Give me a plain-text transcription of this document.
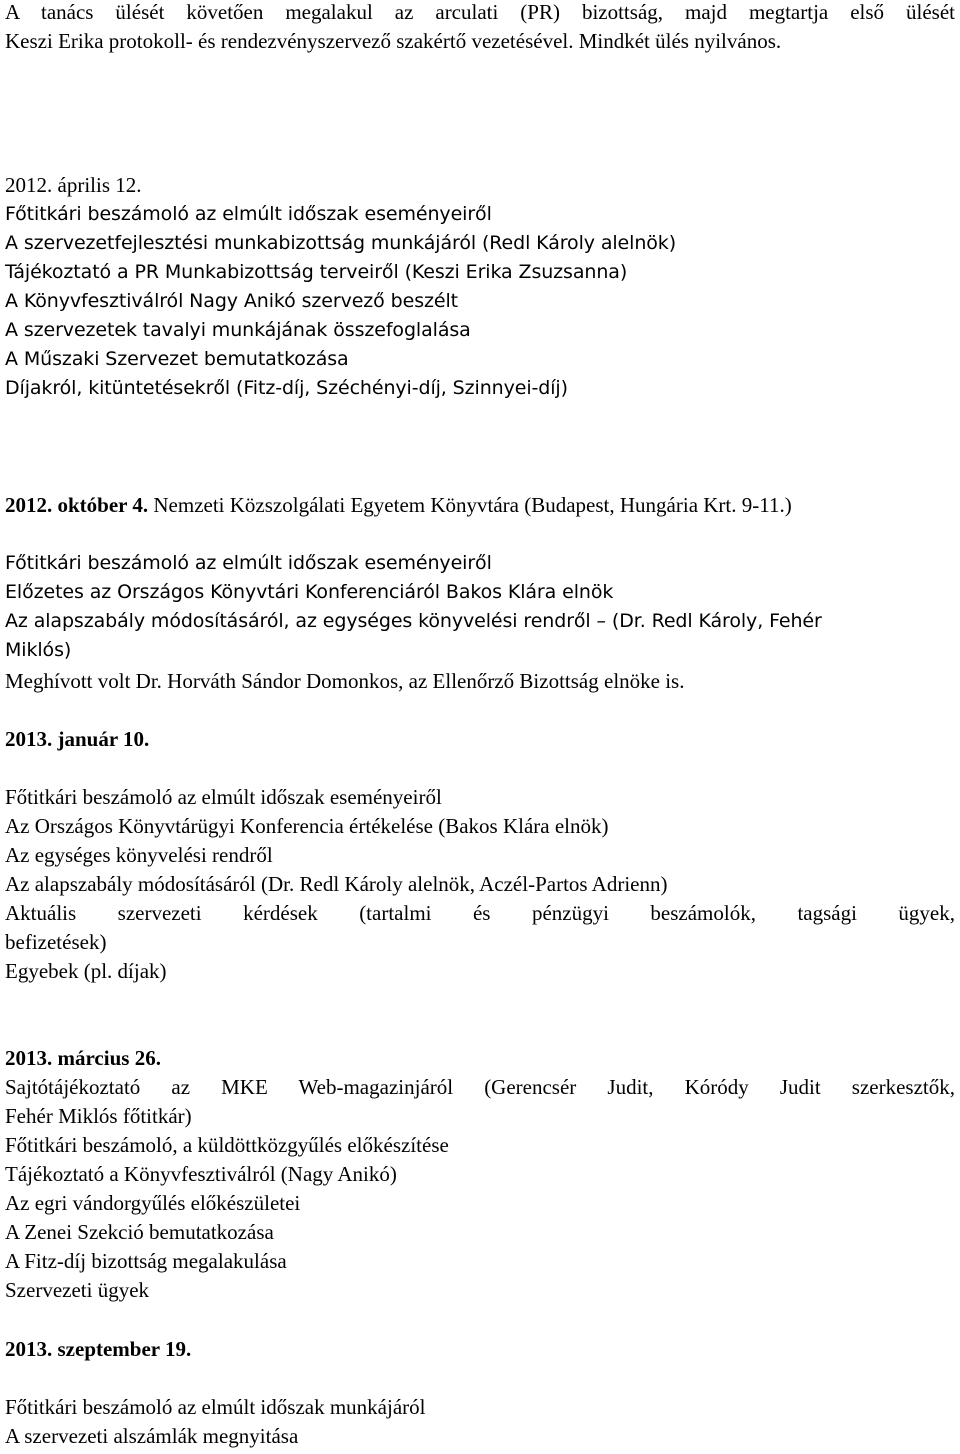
A tanács ülését követően megalakul az arculati (PR) bizottság, majd megtartja első ülését
Keszi Erika protokoll- és rendezvényszervező szakértő vezetésével. Mindkét ülés nyilvános.
2012. április 12.
Főtitkári beszámoló az elmúlt időszak eseményeiről
A szervezetfejlesztési munkabizottság munkájáról (Redl Károly alelnök)
Tájékoztató a PR Munkabizottság terveiről (Keszi Erika Zsuzsanna)
A Könyvfesztiválról Nagy Anikó szervező beszélt
A szervezetek tavalyi munkájának összefoglalása
A Műszaki Szervezet bemutatkozása
Díjakról, kitüntetésekről (Fitz-díj, Széchényi-díj, Szinnyei-díj)
2012. október 4. Nemzeti Közszolgálati Egyetem Könyvtára (Budapest, Hungária Krt. 9-11.)
Főtitkári beszámoló az elmúlt időszak eseményeiről
Előzetes az Országos Könyvtári Konferenciáról Bakos Klára elnök
Az alapszabály módosításáról, az egységes könyvelési rendről – (Dr. Redl Károly, Fehér
Miklós)
Meghívott volt Dr. Horváth Sándor Domonkos, az Ellenőrző Bizottság elnöke is.
2013. január 10.
Főtitkári beszámoló az elmúlt időszak eseményeiről
Az Országos Könyvtárügyi Konferencia értékelése (Bakos Klára elnök)
Az egységes könyvelési rendről
Az alapszabály módosításáról (Dr. Redl Károly alelnök, Aczél-Partos Adrienn)
Aktuális szervezeti kérdések (tartalmi és pénzügyi beszámolók, tagsági ügyek,
befizetések)
Egyebek (pl. díjak)
2013. március 26.
Sajtótájékoztató az MKE Web-magazinjáról (Gerencsér Judit, Kóródy Judit szerkesztők,
Fehér Miklós főtitkár)
Főtitkári beszámoló, a küldöttközgyűlés előkészítése
Tájékoztató a Könyvfesztiválról (Nagy Anikó)
Az egri vándorgyűlés előkészületei
A Zenei Szekció bemutatkozása
A Fitz-díj bizottság megalakulása
Szervezeti ügyek
2013. szeptember 19.
Főtitkári beszámoló az elmúlt időszak munkájáról
A szervezeti alszámlák megnyitása
